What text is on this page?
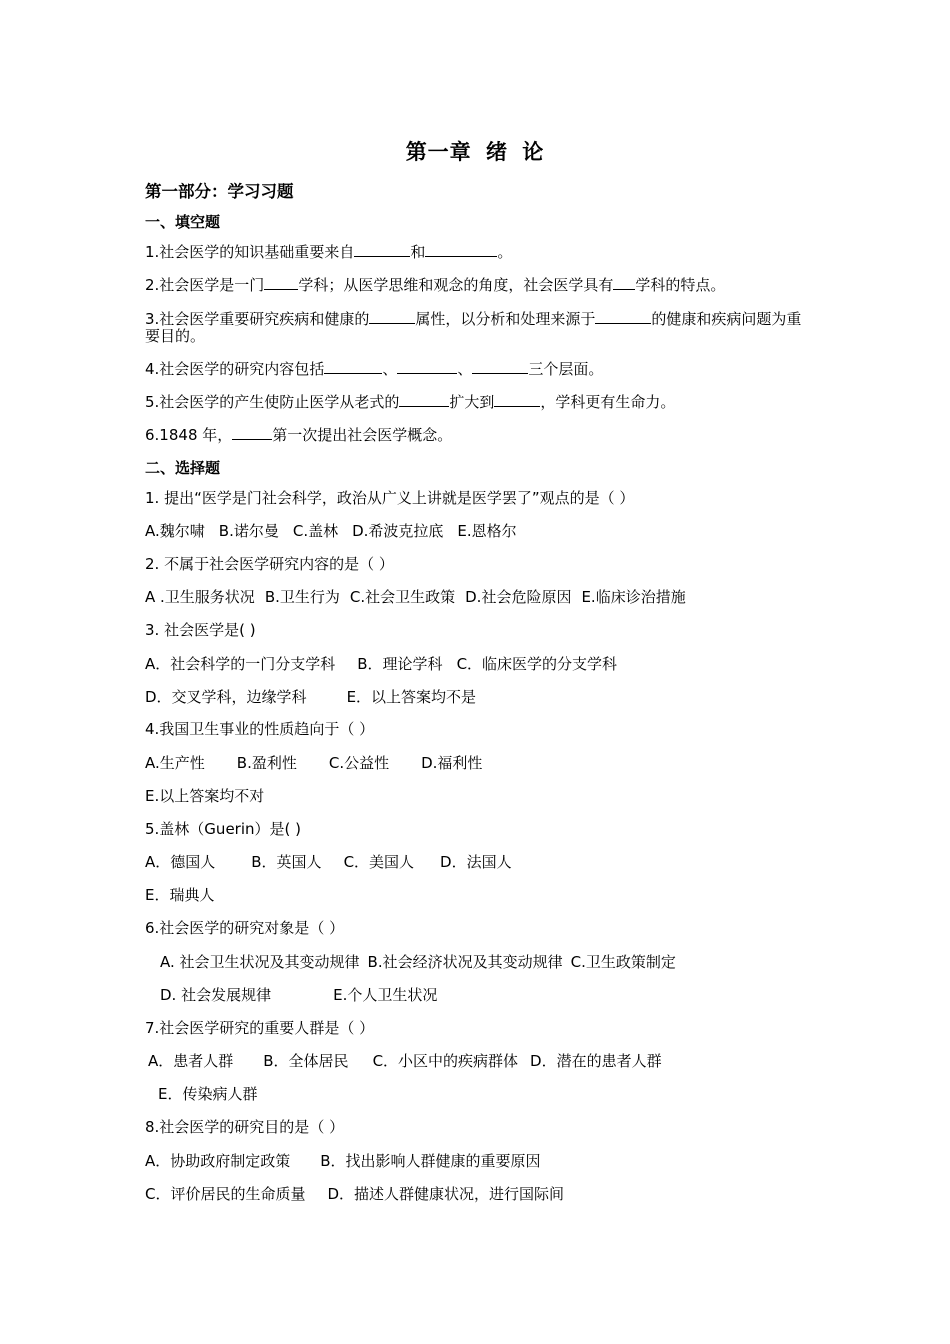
第一章 绪 论
第一部分：学习习题
一、填空题
1.社会医学的知识基础重要来自	和	。
2.社会医学是一门 学科；从医学思维和观念的角度，社会医学具有 学科的特点。
3.社会医学重要研究疾病和健康的	属性，以分析和处理来源于	的健康和疾病问题为重要目的。
4.社会医学的研究内容包括	、	、	三个层面。
5.社会医学的产生使防止医学从老式的	扩大到	，学科更有生命力。
6.1848 年，	第一次提出社会医学概念。
二、选择题
1. 提出“医学是门社会科学，政治从广义上讲就是医学罢了”观点的是（ ）
A.魏尔啸 B.诺尔曼 C.盖林 D.希波克拉底 E.恩格尔
2. 不属于社会医学研究内容的是（ ）
A .卫生服务状况 B.卫生行为 C.社会卫生政策 D.社会危险原因 E.临床诊治措施
3. 社会医学是( )
A．社会科学的一门分支学科 B．理论学科 C．临床医学的分支学科
D．交叉学科，边缘学科	E．以上答案均不是
4.我国卫生事业的性质趋向于（ ）
A.生产性 B.盈利性 C.公益性 D.福利性
E.以上答案均不对
5.盖林（Guerin）是( )
A．德国人 B．英国人 C．美国人 D．法国人
E．瑞典人
6.社会医学的研究对象是（ ）
A. 社会卫生状况及其变动规律 B.社会经济状况及其变动规律 C.卫生政策制定
D. 社会发展规律	E.个人卫生状况
7.社会医学研究的重要人群是（ ）
A．患者人群 B．全体居民 C．小区中的疾病群体 D．潜在的患者人群
E．传染病人群
8.社会医学的研究目的是（ ）
A．协助政府制定政策 B．找出影响人群健康的重要原因
C．评价居民的生命质量 D．描述人群健康状况，进行国际间
